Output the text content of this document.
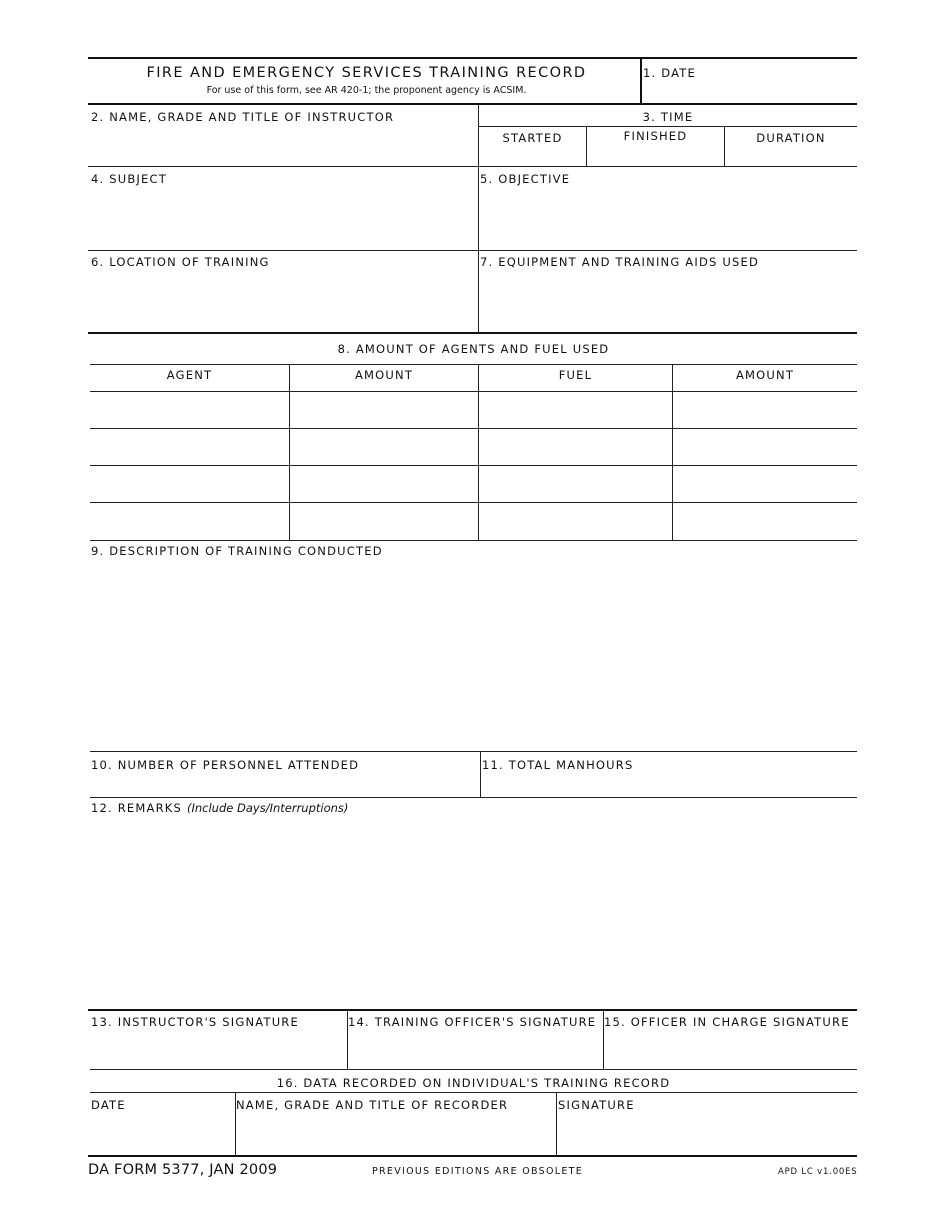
FIRE AND EMERGENCY SERVICES TRAINING RECORD
For use of this form, see AR 420-1; the proponent agency is ACSIM.
1. DATE
2. NAME, GRADE AND TITLE OF INSTRUCTOR	3. TIME
STARTED	FINISHED	DURATION
4. SUBJECT	5. OBJECTIVE
6. LOCATION OF TRAINING	7. EQUIPMENT AND TRAINING AIDS USED
8. AMOUNT OF AGENTS AND FUEL USED
AGENT	AMOUNT	FUEL	AMOUNT
9. DESCRIPTION OF TRAINING CONDUCTED
10. NUMBER OF PERSONNEL ATTENDED	11. TOTAL MANHOURS
12. REMARKS (Include Days/Interruptions)
13. INSTRUCTOR'S SIGNATURE	14. TRAINING OFFICER'S SIGNATURE 15. OFFICER IN CHARGE SIGNATURE
16. DATA RECORDED ON INDIVIDUAL'S TRAINING RECORD
DATE	NAME, GRADE AND TITLE OF RECORDER	SIGNATURE
DA FORM 5377, JAN 2009	PREVIOUS EDITIONS ARE OBSOLETE	APD LC v1.00ES
